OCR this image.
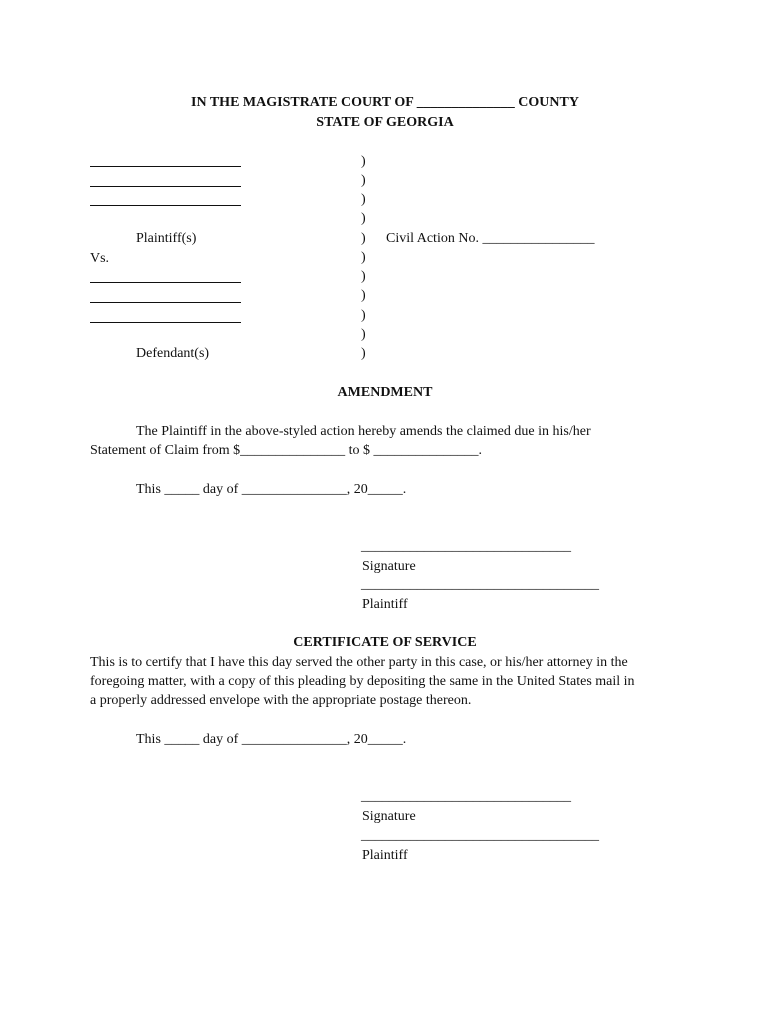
IN THE MAGISTRATE COURT OF ______________ COUNTY
STATE OF GEORGIA
Plaintiff(s)
Vs.
Defendant(s)
)
)
)
)
)
)
)
)
)
)
)
Civil Action No. ________________
AMENDMENT
The Plaintiff in the above-styled action hereby amends the claimed due in his/her
Statement of Claim from $_______________ to $ _______________.
This _____ day of _______________, 20_____.
______________________________
Signature
__________________________________
Plaintiff
CERTIFICATE OF SERVICE
This is to certify that I have this day served the other party in this case, or his/her attorney in the
foregoing matter, with a copy of this pleading by depositing the same in the United States mail in
a properly addressed envelope with the appropriate postage thereon.
This _____ day of _______________, 20_____.
______________________________
Signature
__________________________________
Plaintiff
